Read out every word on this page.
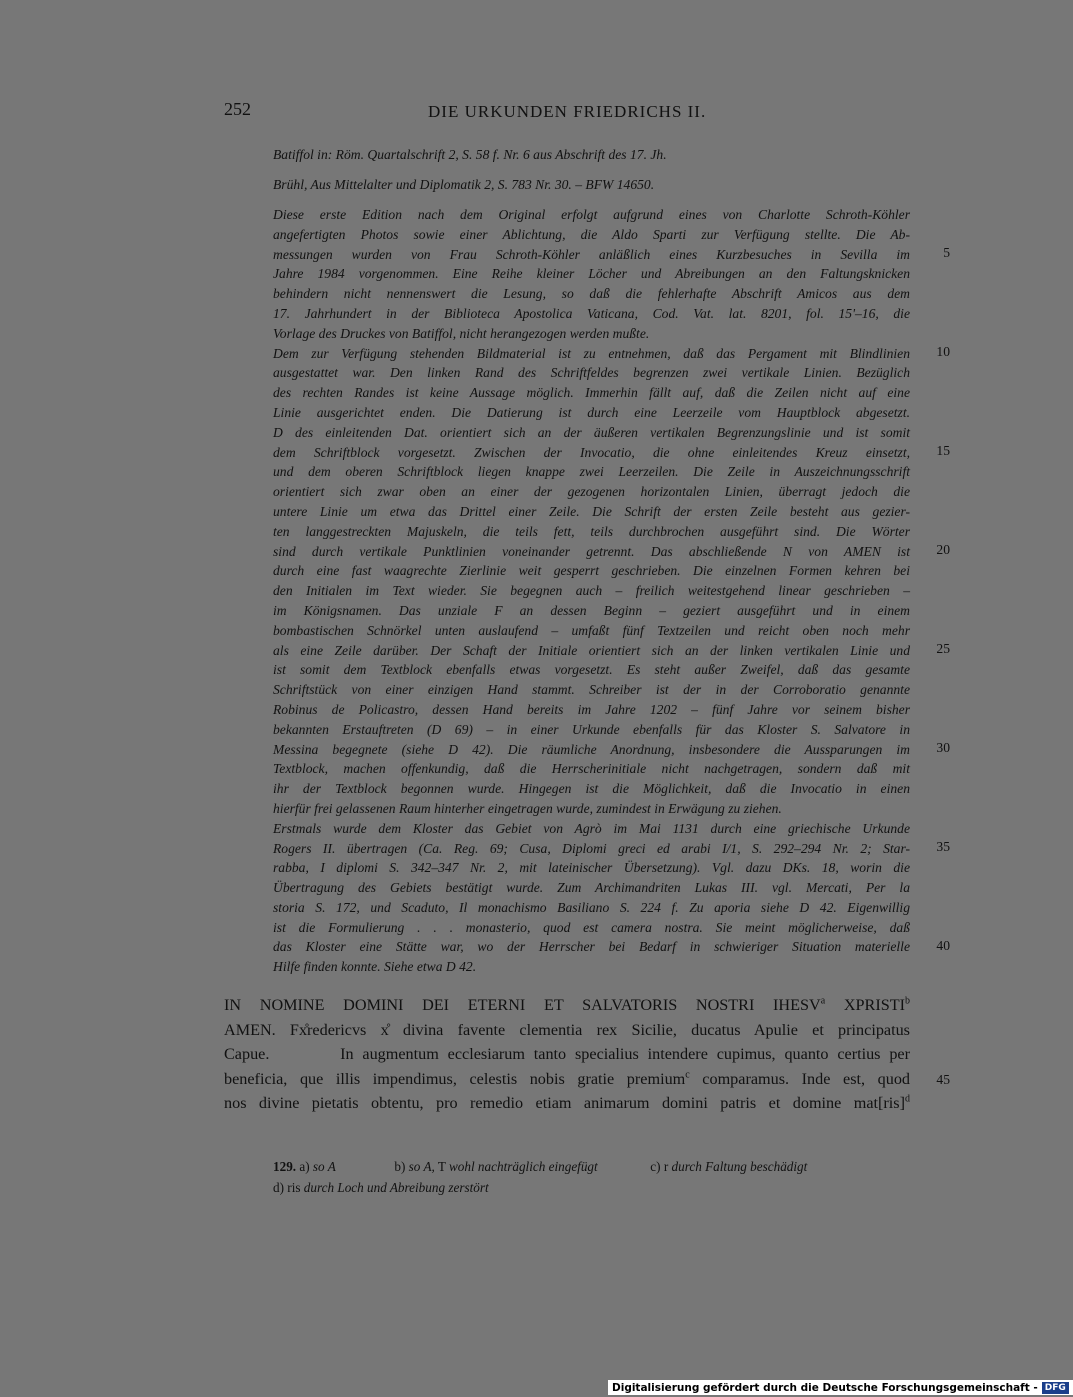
252	DIE URKUNDEN FRIEDRICHS II.
Batiffol in: Röm. Quartalschrift 2, S. 58 f. Nr. 6 aus Abschrift des 17. Jh.
Brühl, Aus Mittelalter und Diplomatik 2, S. 783 Nr. 30. – BFW 14650.
Diese erste Edition nach dem Original erfolgt aufgrund eines von Charlotte Schroth-Köhler
angefertigten Photos sowie einer Ablichtung, die Aldo Sparti zur Verfügung stellte. Die Ab-
messungen wurden von Frau Schroth-Köhler anläßlich eines Kurzbesuches in Sevilla im
Jahre 1984 vorgenommen. Eine Reihe kleiner Löcher und Abreibungen an den Faltungsknicken
behindern nicht nennenswert die Lesung, so daß die fehlerhafte Abschrift Amicos aus dem
17. Jahrhundert in der Biblioteca Apostolica Vaticana, Cod. Vat. lat. 8201, fol. 15'–16, die
Vorlage des Druckes von Batiffol, nicht herangezogen werden mußte.
Dem zur Verfügung stehenden Bildmaterial ist zu entnehmen, daß das Pergament mit Blindlinien
ausgestattet war. Den linken Rand des Schriftfeldes begrenzen zwei vertikale Linien. Bezüglich
des rechten Randes ist keine Aussage möglich. Immerhin fällt auf, daß die Zeilen nicht auf eine
Linie ausgerichtet enden. Die Datierung ist durch eine Leerzeile vom Hauptblock abgesetzt.
D des einleitenden Dat. orientiert sich an der äußeren vertikalen Begrenzungslinie und ist somit
dem Schriftblock vorgesetzt. Zwischen der Invocatio, die ohne einleitendes Kreuz einsetzt,
und dem oberen Schriftblock liegen knappe zwei Leerzeilen. Die Zeile in Auszeichnungsschrift
orientiert sich zwar oben an einer der gezogenen horizontalen Linien, überragt jedoch die
untere Linie um etwa das Drittel einer Zeile. Die Schrift der ersten Zeile besteht aus gezier-
ten langgestreckten Majuskeln, die teils fett, teils durchbrochen ausgeführt sind. Die Wörter
sind durch vertikale Punktlinien voneinander getrennt. Das abschließende N von AMEN ist
durch eine fast waagrechte Zierlinie weit gesperrt geschrieben. Die einzelnen Formen kehren bei
den Initialen im Text wieder. Sie begegnen auch – freilich weitestgehend linear geschrieben –
im Königsnamen. Das unziale F an dessen Beginn – geziert ausgeführt und in einem
bombastischen Schnörkel unten auslaufend – umfaßt fünf Textzeilen und reicht oben noch mehr
als eine Zeile darüber. Der Schaft der Initiale orientiert sich an der linken vertikalen Linie und
ist somit dem Textblock ebenfalls etwas vorgesetzt. Es steht außer Zweifel, daß das gesamte
Schriftstück von einer einzigen Hand stammt. Schreiber ist der in der Corroboratio genannte
Robinus de Policastro, dessen Hand bereits im Jahre 1202 – fünf Jahre vor seinem bisher
bekannten Erstauftreten (D 69) – in einer Urkunde ebenfalls für das Kloster S. Salvatore in
Messina begegnete (siehe D 42). Die räumliche Anordnung, insbesondere die Aussparungen im
Textblock, machen offenkundig, daß die Herrscherinitiale nicht nachgetragen, sondern daß mit
ihr der Textblock begonnen wurde. Hingegen ist die Möglichkeit, daß die Invocatio in einen
hierfür frei gelassenen Raum hinterher eingetragen wurde, zumindest in Erwägung zu ziehen.
Erstmals wurde dem Kloster das Gebiet von Agrò im Mai 1131 durch eine griechische Urkunde
Rogers II. übertragen (Ca. Reg. 69; Cusa, Diplomi greci ed arabi I/1, S. 292–294 Nr. 2; Star-
rabba, I diplomi S. 342–347 Nr. 2, mit lateinischer Übersetzung). Vgl. dazu DKs. 18, worin die
Übertragung des Gebiets bestätigt wurde. Zum Archimandriten Lukas III. vgl. Mercati, Per la
storia S. 172, und Scaduto, Il monachismo Basiliano S. 224 f. Zu aporia siehe D 42. Eigenwillig
ist die Formulierung . . . monasterio, quod est camera nostra. Sie meint möglicherweise, daß
das Kloster eine Stätte war, wo der Herrscher bei Bedarf in schwieriger Situation materielle
Hilfe finden konnte. Siehe etwa D 42.
5
10
15
20
25
30
35
40
IN NOMINE DOMINI DEI ETERNI ET SALVATORIS NOSTRI IHESV$^a$ XPRISTI$^b$
AMEN. Fx̊redericvs x̊ divina favente clementia rex Sicilie, ducatus Apulie et principatus
Capue.        In augmentum ecclesiarum tanto specialius intendere cupimus, quanto certius per
beneficia, que illis impendimus, celestis nobis gratie premium$^c$ comparamus. Inde est, quod
nos divine pietatis obtentu, pro remedio etiam animarum domini patris et domine mat[ris]$^d$
45
129. a) so A	b) so A, T wohl nachträglich eingefügt	c) r durch Faltung beschädigt
d) ris durch Loch und Abreibung zerstört
Digitalisierung gefördert durch die Deutsche Forschungsgemeinschaft - DFG
